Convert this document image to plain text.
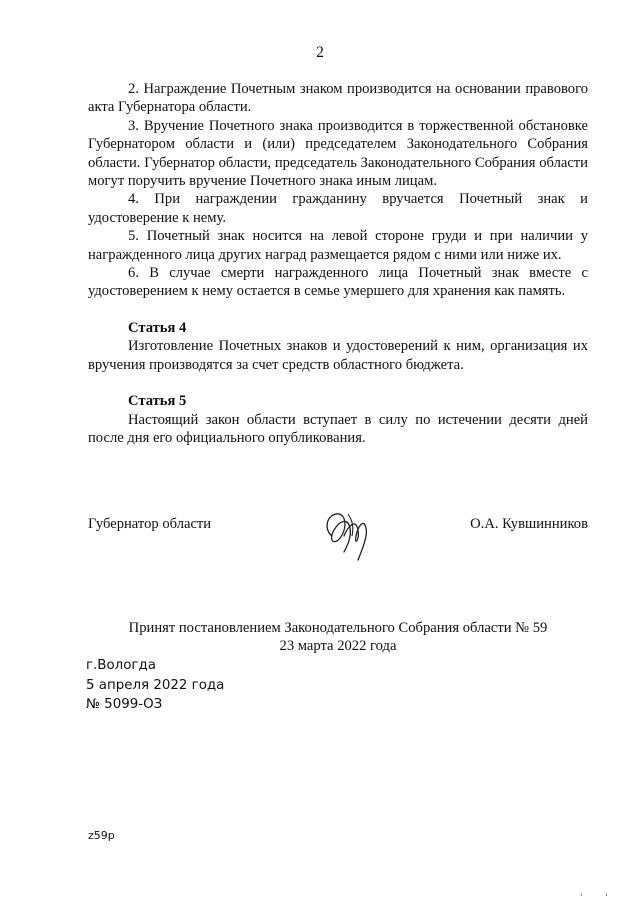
2

2. Награждение Почетным знаком производится на основании правового акта Губернатора области.

3. Вручение Почетного знака производится в торжественной обстановке Губернатором области и (или) председателем Законодательного Собрания области. Губернатор области, председатель Законодательного Собрания области могут поручить вручение Почетного знака иным лицам.

4. При награждении гражданину вручается Почетный знак и удостоверение к нему.

5. Почетный знак носится на левой стороне груди и при наличии у награжденного лица других наград размещается рядом с ними или ниже их.

6. В случае смерти награжденного лица Почетный знак вместе с удостоверением к нему остается в семье умершего для хранения как память.

Статья 4

Изготовление Почетных знаков и удостоверений к ним, организация их вручения производятся за счет средств областного бюджета.

Статья 5

Настоящий закон области вступает в силу по истечении десяти дней после дня его официального опубликования.

Губернатор области	О.А. Кувшинников
Принят постановлением Законодательного Собрания области № 59
23 марта 2022 года
г.Вологда
5 апреля 2022 года
№ 5099-ОЗ
z59p
' '
